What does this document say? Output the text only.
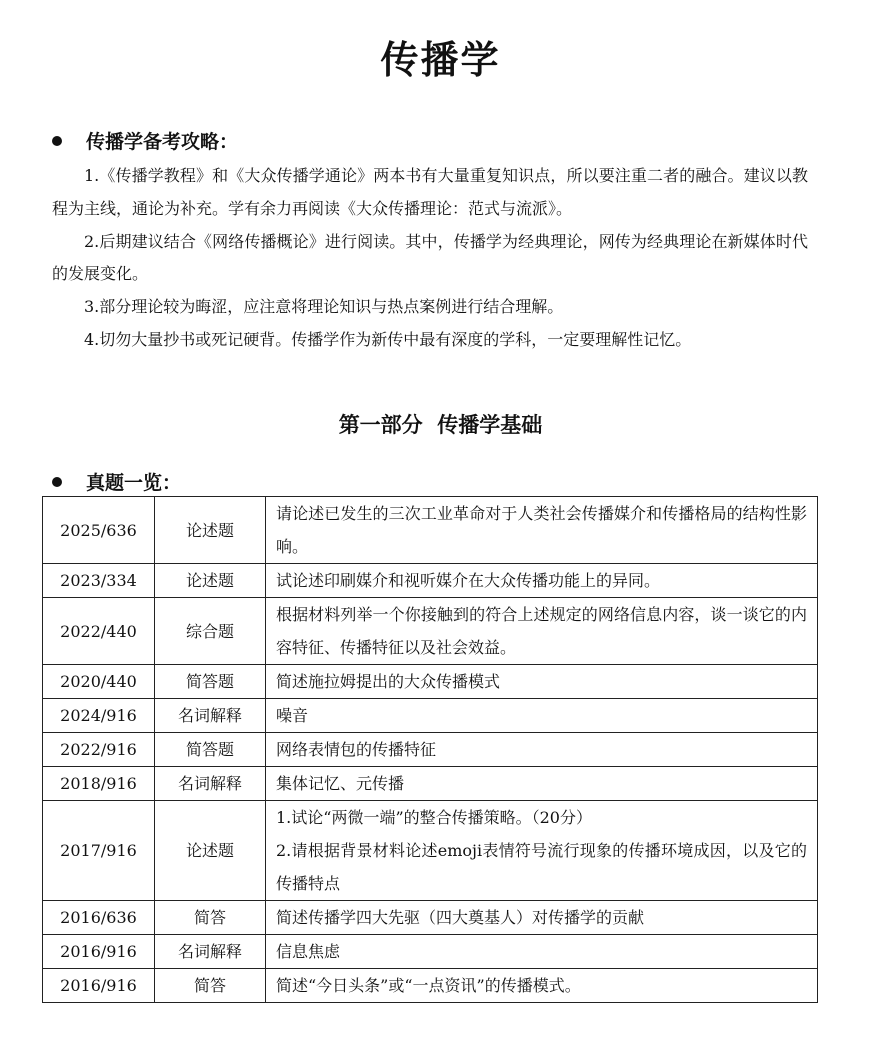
传播学
传播学备考攻略：

1.《传播学教程》和《大众传播学通论》两本书有大量重复知识点，所以要注重二者的融合。建议以教程为主线，通论为补充。学有余力再阅读《大众传播理论：范式与流派》。

2.后期建议结合《网络传播概论》进行阅读。其中，传播学为经典理论，网传为经典理论在新媒体时代的发展变化。

3.部分理论较为晦涩，应注意将理论知识与热点案例进行结合理解。

4.切勿大量抄书或死记硬背。传播学作为新传中最有深度的学科，一定要理解性记忆。

第一部分  传播学基础
真题一览：
2025/636	论述题	请论述已发生的三次工业革命对于人类社会传播媒介和传播格局的结构性影响。

2023/334	论述题	试论述印刷媒介和视听媒介在大众传播功能上的异同。

2022/440	综合题	根据材料列举一个你接触到的符合上述规定的网络信息内容，谈一谈它的内容特征、传播特征以及社会效益。

2020/440	简答题	简述施拉姆提出的大众传播模式

2024/916	名词解释	噪音

2022/916	简答题	网络表情包的传播特征

2018/916	名词解释	集体记忆、元传播

2017/916	论述题	1.试论“两微一端”的整合传播策略。（20分）
2.请根据背景材料论述emoji表情符号流行现象的传播环境成因，以及它的传播特点

2016/636	简答	简述传播学四大先驱（四大奠基人）对传播学的贡献

2016/916	名词解释	信息焦虑

2016/916	简答	简述“今日头条”或“一点资讯”的传播模式。
